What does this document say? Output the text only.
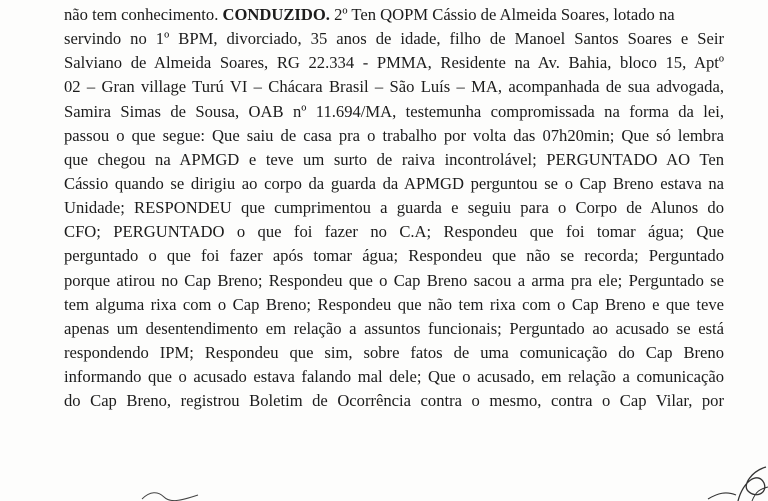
não tem conhecimento. CONDUZIDO. 2º Ten QOPM Cássio de Almeida Soares, lotado na
servindo no 1º BPM, divorciado, 35 anos de idade, filho de Manoel Santos Soares e Seir
Salviano de Almeida Soares, RG 22.334 - PMMA, Residente na Av. Bahia, bloco 15, Aptº
02 – Gran village Turú VI – Chácara Brasil – São Luís – MA, acompanhada de sua advogada,
Samira Simas de Sousa, OAB nº 11.694/MA, testemunha compromissada na forma da lei,
passou o que segue: Que saiu de casa pra o trabalho por volta das 07h20min; Que só lembra
que chegou na APMGD e teve um surto de raiva incontrolável; PERGUNTADO AO Ten
Cássio quando se dirigiu ao corpo da guarda da APMGD perguntou se o Cap Breno estava na
Unidade; RESPONDEU que cumprimentou a guarda e seguiu para o Corpo de Alunos do
CFO; PERGUNTADO o que foi fazer no C.A; Respondeu que foi tomar água; Que
perguntado o que foi fazer após tomar água; Respondeu que não se recorda; Perguntado
porque atirou no Cap Breno; Respondeu que o Cap Breno sacou a arma pra ele; Perguntado se
tem alguma rixa com o Cap Breno; Respondeu que não tem rixa com o Cap Breno e que teve
apenas um desentendimento em relação a assuntos funcionais; Perguntado ao acusado se está
respondendo IPM; Respondeu que sim, sobre fatos de uma comunicação do Cap Breno
informando que o acusado estava falando mal dele; Que o acusado, em relação a comunicação
do Cap Breno, registrou Boletim de Ocorrência contra o mesmo, contra o Cap Vilar, por
